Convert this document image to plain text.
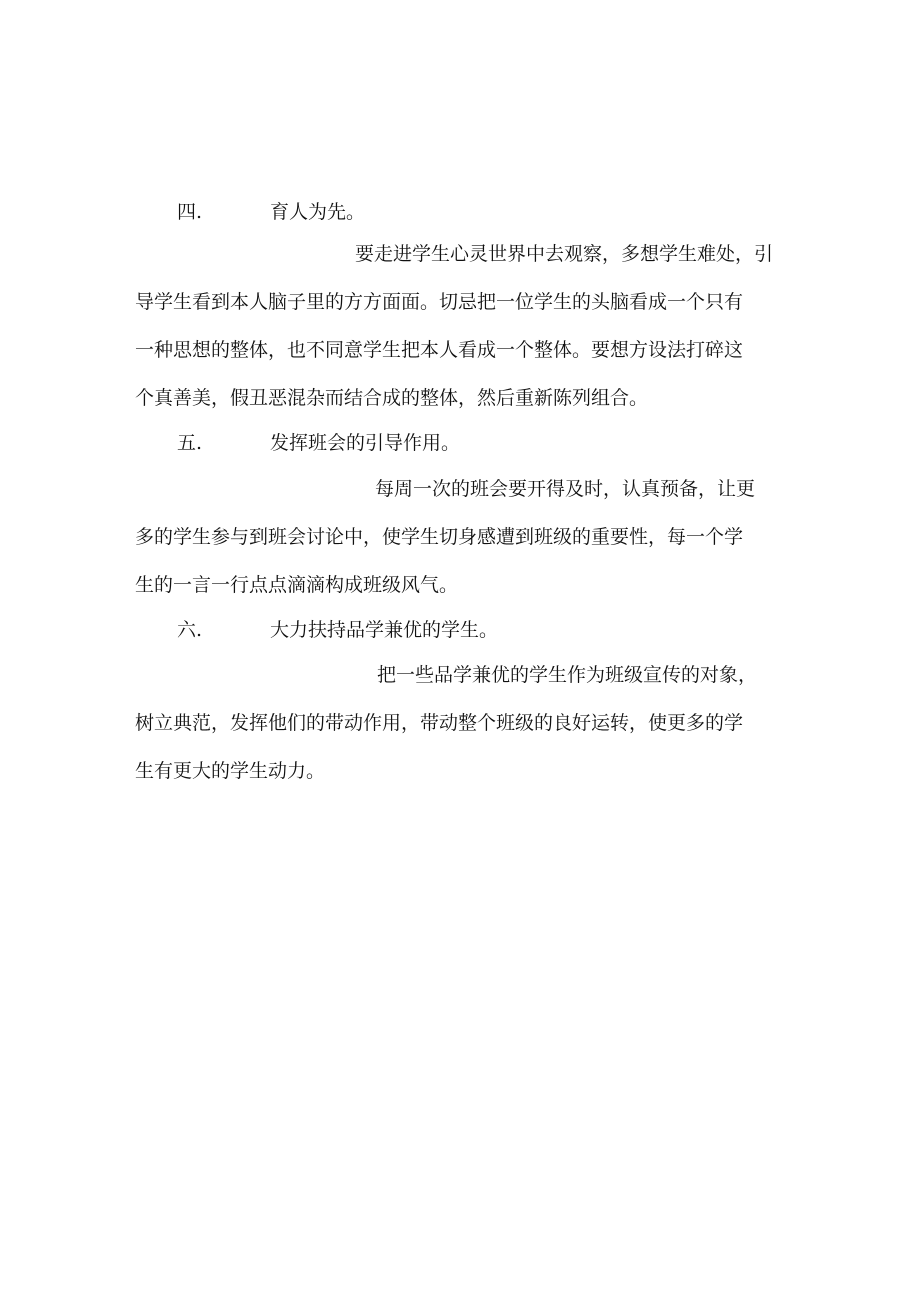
四.	育人为先。
要走进学生心灵世界中去观察，多想学生难处，引
导学生看到本人脑子里的方方面面。切忌把一位学生的头脑看成一个只有
一种思想的整体，也不同意学生把本人看成一个整体。要想方设法打碎这
个真善美，假丑恶混杂而结合成的整体，然后重新陈列组合。
五.	发挥班会的引导作用。
每周一次的班会要开得及时，认真预备，让更
多的学生参与到班会讨论中，使学生切身感遭到班级的重要性，每一个学
生的一言一行点点滴滴构成班级风气。
六.	大力扶持品学兼优的学生。
把一些品学兼优的学生作为班级宣传的对象，
树立典范，发挥他们的带动作用，带动整个班级的良好运转，使更多的学
生有更大的学生动力。
